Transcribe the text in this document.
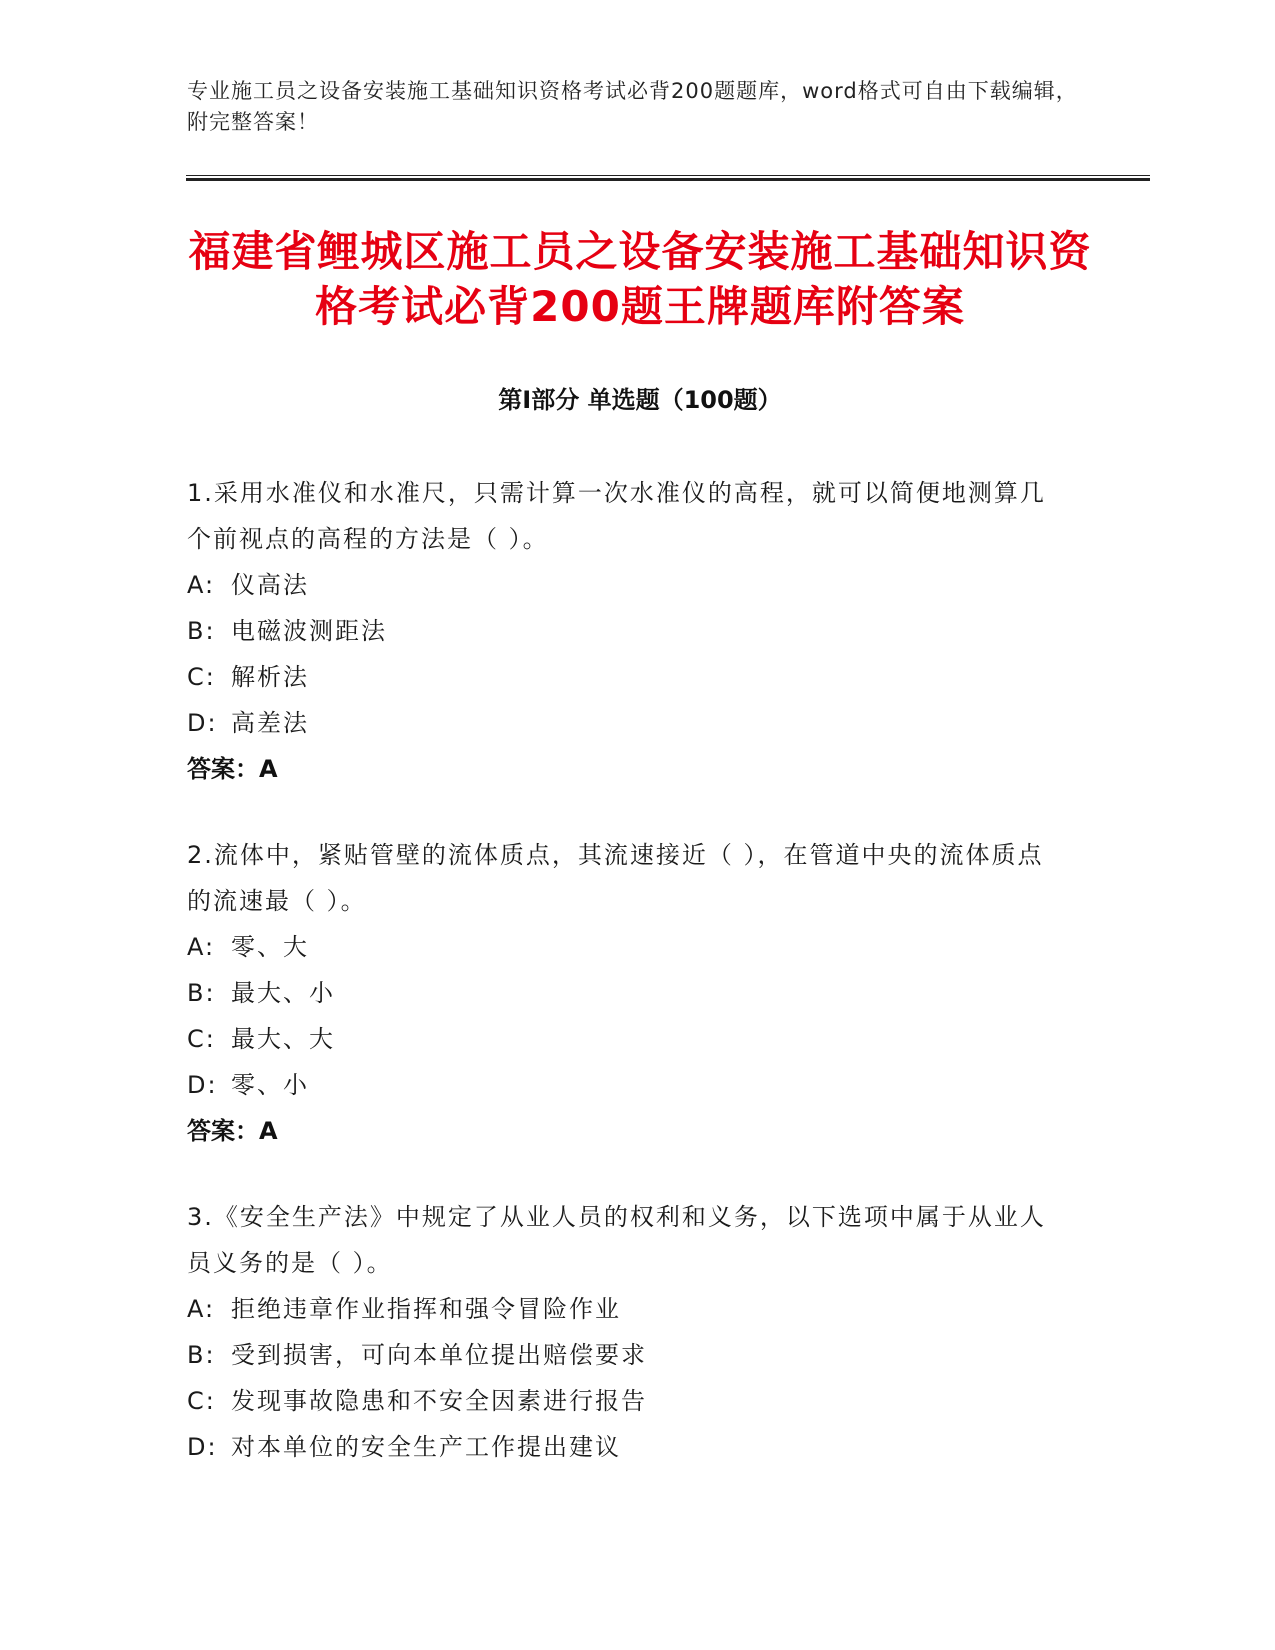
专业施工员之设备安装施工基础知识资格考试必背200题题库，word格式可自由下载编辑，附完整答案！
福建省鲤城区施工员之设备安装施工基础知识资格考试必背200题王牌题库附答案
第I部分 单选题（100题）
1.采用水准仪和水准尺，只需计算一次水准仪的高程，就可以简便地测算几个前视点的高程的方法是（ ）。
A: 仪高法
B: 电磁波测距法
C: 解析法
D: 高差法
答案：A
2.流体中，紧贴管壁的流体质点，其流速接近（ ），在管道中央的流体质点的流速最（ ）。
A: 零、大
B: 最大、小
C: 最大、大
D: 零、小
答案：A
3.《安全生产法》中规定了从业人员的权利和义务，以下选项中属于从业人员义务的是（ ）。
A: 拒绝违章作业指挥和强令冒险作业
B: 受到损害，可向本单位提出赔偿要求
C: 发现事故隐患和不安全因素进行报告
D: 对本单位的安全生产工作提出建议
